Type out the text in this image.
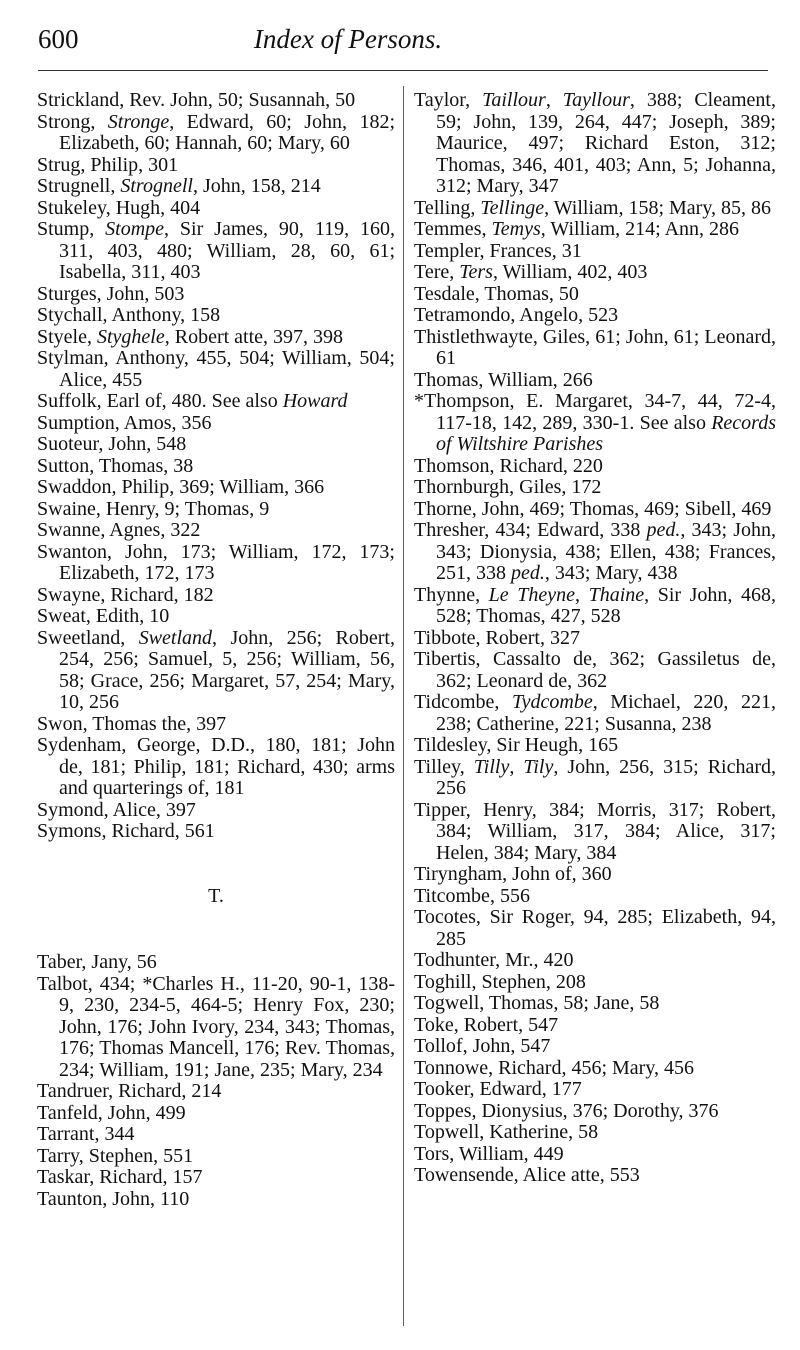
600	Index of Persons.

Strickland, Rev. John, 50; Susannah, 50

Strong, Stronge, Edward, 60; John, 182; Elizabeth, 60; Hannah, 60; Mary, 60

Strug, Philip, 301

Strugnell, Strognell, John, 158, 214

Stukeley, Hugh, 404

Stump, Stompe, Sir James, 90, 119, 160, 311, 403, 480; William, 28, 60, 61; Isabella, 311, 403

Sturges, John, 503

Stychall, Anthony, 158

Styele, Styghele, Robert atte, 397, 398

Stylman, Anthony, 455, 504; William, 504; Alice, 455

Suffolk, Earl of, 480. See also Howard

Sumption, Amos, 356

Suoteur, John, 548

Sutton, Thomas, 38

Swaddon, Philip, 369; William, 366

Swaine, Henry, 9; Thomas, 9

Swanne, Agnes, 322

Swanton, John, 173; William, 172, 173; Elizabeth, 172, 173

Swayne, Richard, 182

Sweat, Edith, 10

Sweetland, Swetland, John, 256; Robert, 254, 256; Samuel, 5, 256; William, 56, 58; Grace, 256; Margaret, 57, 254; Mary, 10, 256

Swon, Thomas the, 397

Sydenham, George, D.D., 180, 181; John de, 181; Philip, 181; Richard, 430; arms and quarterings of, 181

Symond, Alice, 397

Symons, Richard, 561

T.

Taber, Jany, 56

Talbot, 434; *Charles H., 11-20, 90-1, 138-9, 230, 234-5, 464-5; Henry Fox, 230; John, 176; John Ivory, 234, 343; Thomas, 176; Thomas Mancell, 176; Rev. Thomas, 234; William, 191; Jane, 235; Mary, 234

Tandruer, Richard, 214

Tanfeld, John, 499

Tarrant, 344

Tarry, Stephen, 551

Taskar, Richard, 157

Taunton, John, 110

Taylor, Taillour, Tayllour, 388; Cleament, 59; John, 139, 264, 447; Joseph, 389; Maurice, 497; Richard Eston, 312; Thomas, 346, 401, 403; Ann, 5; Johanna, 312; Mary, 347

Telling, Tellinge, William, 158; Mary, 85, 86

Temmes, Temys, William, 214; Ann, 286

Templer, Frances, 31

Tere, Ters, William, 402, 403

Tesdale, Thomas, 50

Tetramondo, Angelo, 523

Thistlethwayte, Giles, 61; John, 61; Leonard, 61

Thomas, William, 266

*Thompson, E. Margaret, 34-7, 44, 72-4, 117-18, 142, 289, 330-1. See also Records of Wiltshire Parishes

Thomson, Richard, 220

Thornburgh, Giles, 172

Thorne, John, 469; Thomas, 469; Sibell, 469

Thresher, 434; Edward, 338 ped., 343; John, 343; Dionysia, 438; Ellen, 438; Frances, 251, 338 ped., 343; Mary, 438

Thynne, Le Theyne, Thaine, Sir John, 468, 528; Thomas, 427, 528

Tibbote, Robert, 327

Tibertis, Cassalto de, 362; Gassiletus de, 362; Leonard de, 362

Tidcombe, Tydcombe, Michael, 220, 221, 238; Catherine, 221; Susanna, 238

Tildesley, Sir Heugh, 165

Tilley, Tilly, Tily, John, 256, 315; Richard, 256

Tipper, Henry, 384; Morris, 317; Robert, 384; William, 317, 384; Alice, 317; Helen, 384; Mary, 384

Tiryngham, John of, 360

Titcombe, 556

Tocotes, Sir Roger, 94, 285; Elizabeth, 94, 285

Todhunter, Mr., 420

Toghill, Stephen, 208

Togwell, Thomas, 58; Jane, 58

Toke, Robert, 547

Tollof, John, 547

Tonnowe, Richard, 456; Mary, 456

Tooker, Edward, 177

Toppes, Dionysius, 376; Dorothy, 376

Topwell, Katherine, 58

Tors, William, 449

Towensende, Alice atte, 553
